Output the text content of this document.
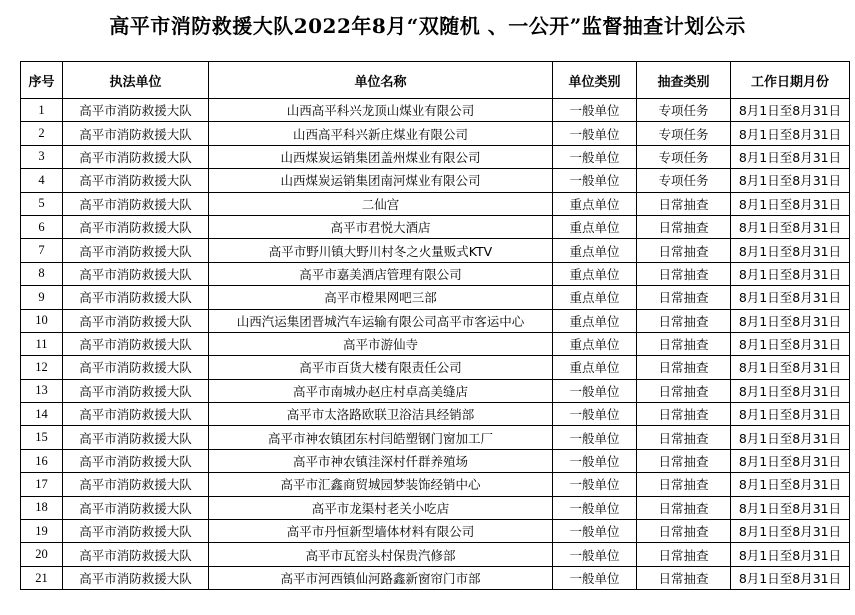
高平市消防救援大队2022年8月“双随机 、一公开”监督抽查计划公示
序号	执法单位	单位名称	单位类别	抽查类别	工作日期月份
1	高平市消防救援大队	山西高平科兴龙顶山煤业有限公司	一般单位	专项任务	8月1日至8月31日
2	高平市消防救援大队	山西高平科兴新庄煤业有限公司	一般单位	专项任务	8月1日至8月31日
3	高平市消防救援大队	山西煤炭运销集团盖州煤业有限公司	一般单位	专项任务	8月1日至8月31日
4	高平市消防救援大队	山西煤炭运销集团南河煤业有限公司	一般单位	专项任务	8月1日至8月31日
5	高平市消防救援大队	二仙宫	重点单位	日常抽查	8月1日至8月31日
6	高平市消防救援大队	高平市君悦大酒店	重点单位	日常抽查	8月1日至8月31日
7	高平市消防救援大队	高平市野川镇大野川村冬之火量贩式KTV	重点单位	日常抽查	8月1日至8月31日
8	高平市消防救援大队	高平市嘉美酒店管理有限公司	重点单位	日常抽查	8月1日至8月31日
9	高平市消防救援大队	高平市橙果网吧三部	重点单位	日常抽查	8月1日至8月31日
10	高平市消防救援大队	山西汽运集团晋城汽车运输有限公司高平市客运中心	重点单位	日常抽查	8月1日至8月31日
11	高平市消防救援大队	高平市游仙寺	重点单位	日常抽查	8月1日至8月31日
12	高平市消防救援大队	高平市百货大楼有限责任公司	重点单位	日常抽查	8月1日至8月31日
13	高平市消防救援大队	高平市南城办赵庄村卓高美缝店	一般单位	日常抽查	8月1日至8月31日
14	高平市消防救援大队	高平市太洛路欧联卫浴洁具经销部	一般单位	日常抽查	8月1日至8月31日
15	高平市消防救援大队	高平市神农镇团东村闫皓塑钢门窗加工厂	一般单位	日常抽查	8月1日至8月31日
16	高平市消防救援大队	高平市神农镇洼深村仟群养殖场	一般单位	日常抽查	8月1日至8月31日
17	高平市消防救援大队	高平市汇鑫商贸城园梦装饰经销中心	一般单位	日常抽查	8月1日至8月31日
18	高平市消防救援大队	高平市龙渠村老关小吃店	一般单位	日常抽查	8月1日至8月31日
19	高平市消防救援大队	高平市丹恒新型墙体材料有限公司	一般单位	日常抽查	8月1日至8月31日
20	高平市消防救援大队	高平市瓦窑头村保贵汽修部	一般单位	日常抽查	8月1日至8月31日
21	高平市消防救援大队	高平市河西镇仙河路鑫新窗帘门市部	一般单位	日常抽查	8月1日至8月31日
